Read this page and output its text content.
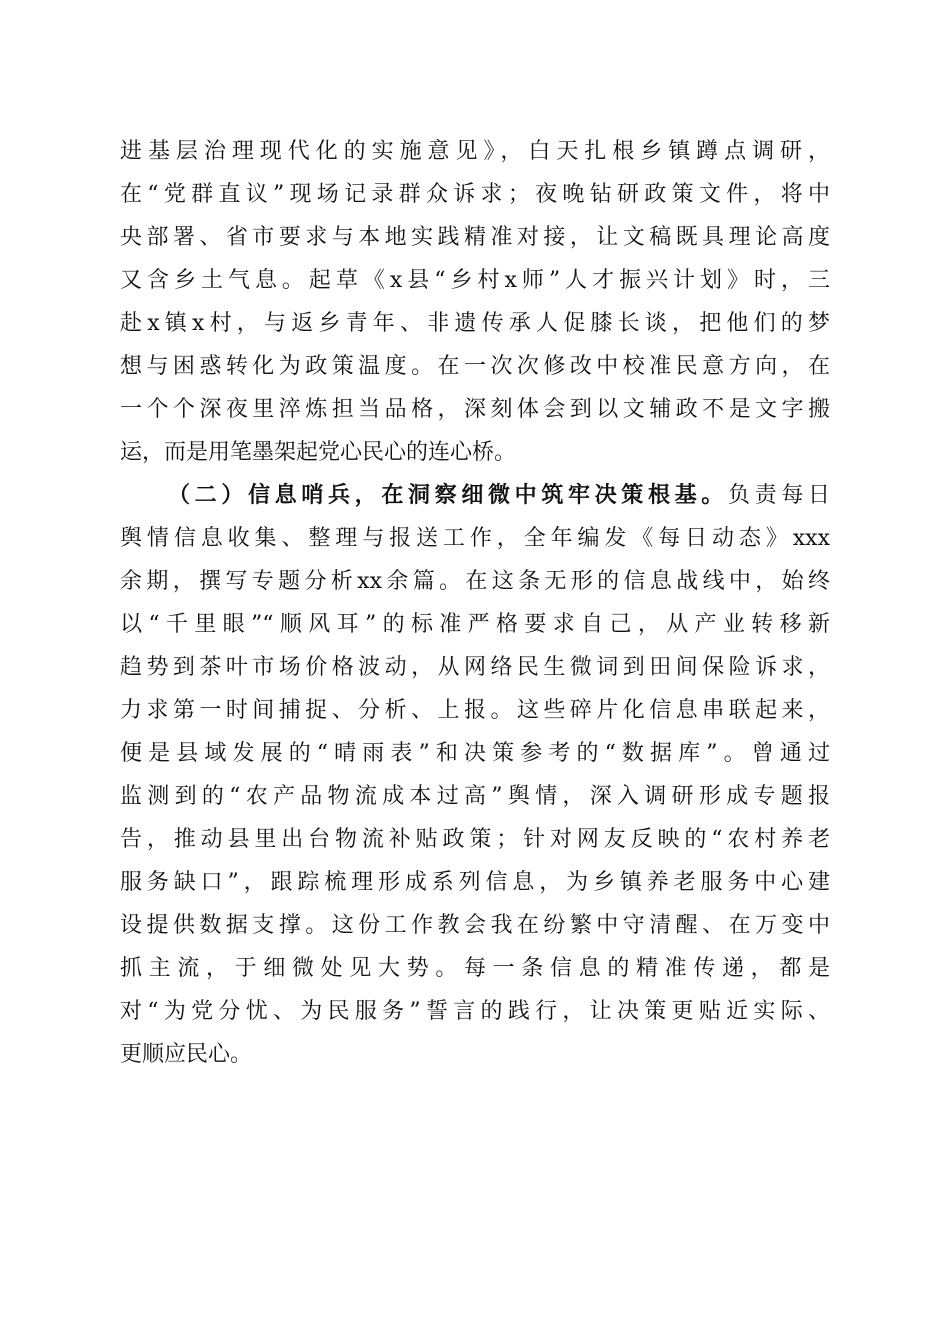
进基层治理现代化的实施意见》，白天扎根乡镇蹲点调研，
在“党群直议”现场记录群众诉求；夜晚钻研政策文件，将中
央部署、省市要求与本地实践精准对接，让文稿既具理论高度
又含乡土气息。起草《x县“乡村x师”人才振兴计划》时，三
赴x镇x村，与返乡青年、非遗传承人促膝长谈，把他们的梦
想与困惑转化为政策温度。在一次次修改中校准民意方向，在
一个个深夜里淬炼担当品格，深刻体会到以文辅政不是文字搬
运，而是用笔墨架起党心民心的连心桥。
（二）信息哨兵，在洞察细微中筑牢决策根基。负责每日
舆情信息收集、整理与报送工作，全年编发《每日动态》xxx
余期，撰写专题分析xx余篇。在这条无形的信息战线中，始终
以“千里眼”“顺风耳”的标准严格要求自己，从产业转移新
趋势到茶叶市场价格波动，从网络民生微词到田间保险诉求，
力求第一时间捕捉、分析、上报。这些碎片化信息串联起来，
便是县域发展的“晴雨表”和决策参考的“数据库”。曾通过
监测到的“农产品物流成本过高”舆情，深入调研形成专题报
告，推动县里出台物流补贴政策；针对网友反映的“农村养老
服务缺口”，跟踪梳理形成系列信息，为乡镇养老服务中心建
设提供数据支撑。这份工作教会我在纷繁中守清醒、在万变中
抓主流，于细微处见大势。每一条信息的精准传递，都是
对“为党分忧、为民服务”誓言的践行，让决策更贴近实际、
更顺应民心。
